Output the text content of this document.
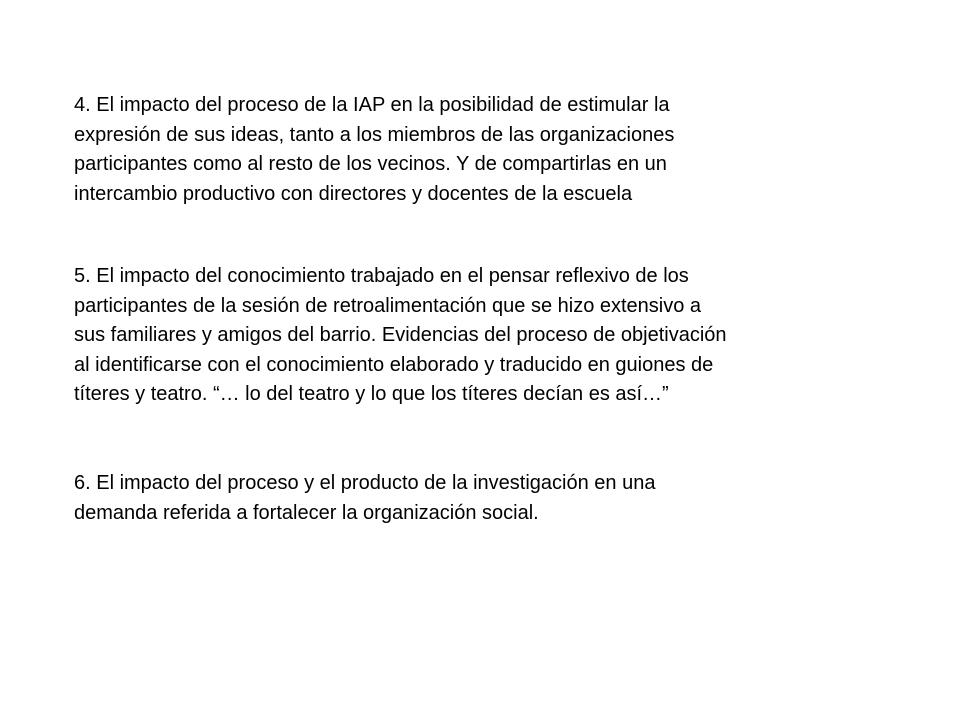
4. El impacto del proceso de la IAP en la posibilidad de estimular la
expresión de sus ideas, tanto a los miembros de las organizaciones
participantes como al resto de los vecinos. Y de compartirlas en un
intercambio productivo con directores y docentes de la escuela

5. El impacto del conocimiento trabajado en el pensar reflexivo de los
participantes de la sesión de retroalimentación que se hizo extensivo a
sus familiares y amigos del barrio. Evidencias del proceso de objetivación
al identificarse con el conocimiento elaborado y traducido en guiones de
títeres y teatro. “… lo del teatro y lo que los títeres decían es así…”

6. El impacto del proceso y el producto de la investigación en una
demanda referida a fortalecer la organización social.
